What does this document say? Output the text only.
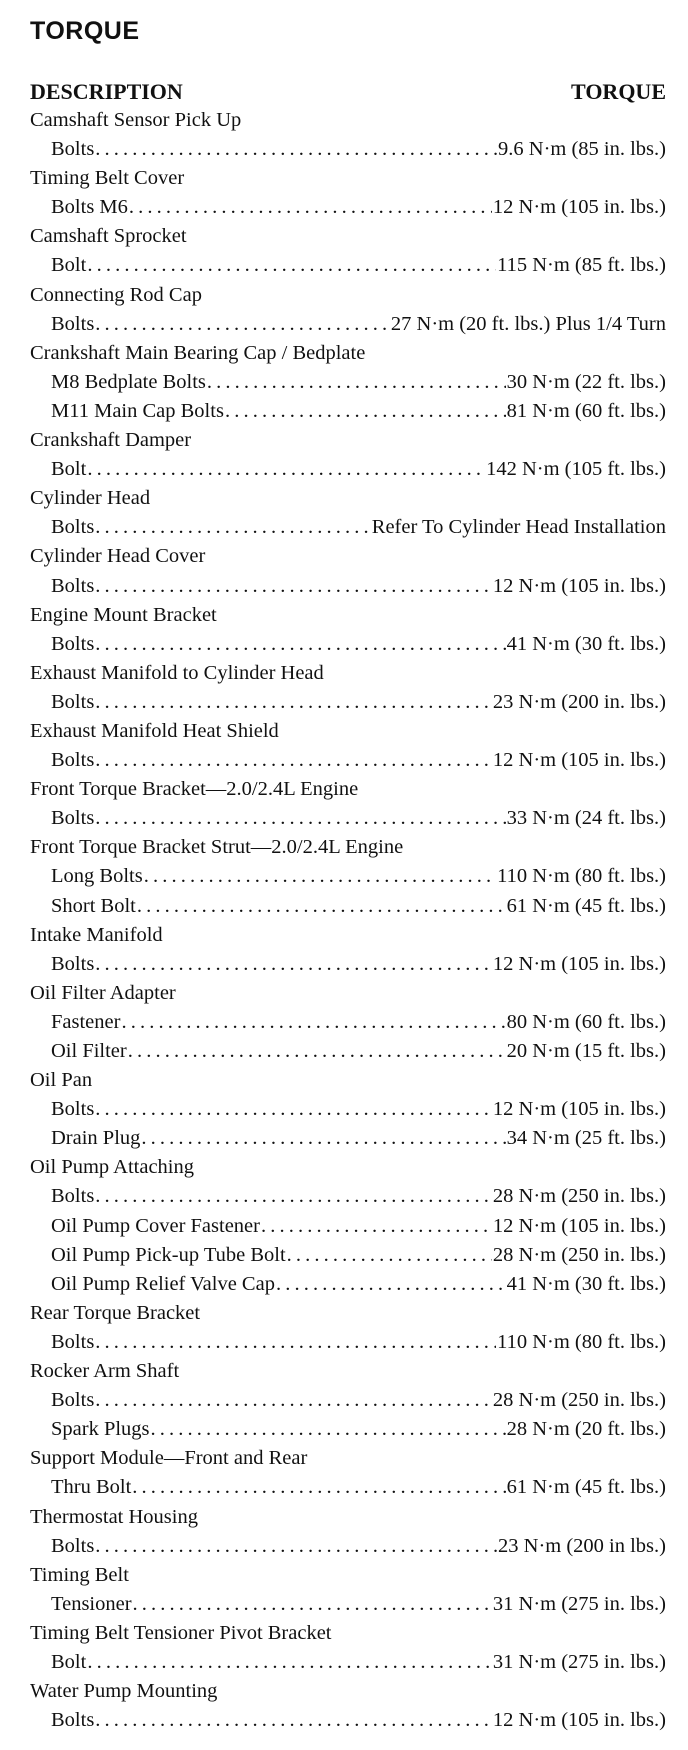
TORQUE
DESCRIPTION	TORQUE
Camshaft Sensor Pick Up
Bolts . . .	9.6 N·m (85 in. lbs.)
Timing Belt Cover
Bolts M6 . . .	12 N·m (105 in. lbs.)
Camshaft Sprocket
Bolt . . .	115 N·m (85 ft. lbs.)
Connecting Rod Cap
Bolts . . .	27 N·m (20 ft. lbs.) Plus 1/4 Turn
Crankshaft Main Bearing Cap / Bedplate
M8 Bedplate Bolts . . .	30 N·m (22 ft. lbs.)
M11 Main Cap Bolts . . .	81 N·m (60 ft. lbs.)
Crankshaft Damper
Bolt . . .	142 N·m (105 ft. lbs.)
Cylinder Head
Bolts . . .	Refer To Cylinder Head Installation
Cylinder Head Cover
Bolts . . .	12 N·m (105 in. lbs.)
Engine Mount Bracket
Bolts . . .	41 N·m (30 ft. lbs.)
Exhaust Manifold to Cylinder Head
Bolts . . .	23 N·m (200 in. lbs.)
Exhaust Manifold Heat Shield
Bolts . . .	12 N·m (105 in. lbs.)
Front Torque Bracket—2.0/2.4L Engine
Bolts . . .	33 N·m (24 ft. lbs.)
Front Torque Bracket Strut—2.0/2.4L Engine
Long Bolts . . .	110 N·m (80 ft. lbs.)
Short Bolt . . .	61 N·m (45 ft. lbs.)
Intake Manifold
Bolts . . .	12 N·m (105 in. lbs.)
Oil Filter Adapter
Fastener . . .	80 N·m (60 ft. lbs.)
Oil Filter . . .	20 N·m (15 ft. lbs.)
Oil Pan
Bolts . . .	12 N·m (105 in. lbs.)
Drain Plug . . .	34 N·m (25 ft. lbs.)
Oil Pump Attaching
Bolts . . .	28 N·m (250 in. lbs.)
Oil Pump Cover Fastener . . .	12 N·m (105 in. lbs.)
Oil Pump Pick-up Tube Bolt . . .	28 N·m (250 in. lbs.)
Oil Pump Relief Valve Cap . . .	41 N·m (30 ft. lbs.)
Rear Torque Bracket
Bolts . . .	110 N·m (80 ft. lbs.)
Rocker Arm Shaft
Bolts . . .	28 N·m (250 in. lbs.)
Spark Plugs . . .	28 N·m (20 ft. lbs.)
Support Module—Front and Rear
Thru Bolt . . .	61 N·m (45 ft. lbs.)
Thermostat Housing
Bolts . . .	23 N·m (200 in lbs.)
Timing Belt
Tensioner . . .	31 N·m (275 in. lbs.)
Timing Belt Tensioner Pivot Bracket
Bolt . . .	31 N·m (275 in. lbs.)
Water Pump Mounting
Bolts . . .	12 N·m (105 in. lbs.)
